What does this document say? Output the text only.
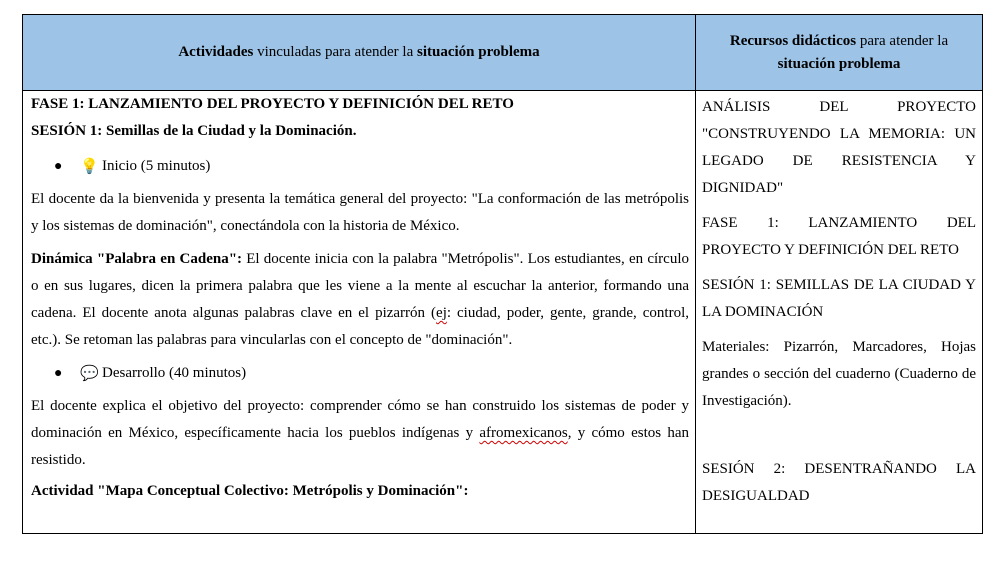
Actividades vinculadas para atender la situación problema
Recursos didácticos para atender la situación problema

FASE 1: LANZAMIENTO DEL PROYECTO Y DEFINICIÓN DEL RETO

SESIÓN 1: Semillas de la Ciudad y la Dominación.

●	💡 Inicio (5 minutos)

El docente da la bienvenida y presenta la temática general del proyecto: "La conformación de las metrópolis y los sistemas de dominación", conectándola con la historia de México.

Dinámica "Palabra en Cadena": El docente inicia con la palabra "Metrópolis". Los estudiantes, en círculo o en sus lugares, dicen la primera palabra que les viene a la mente al escuchar la anterior, formando una cadena. El docente anota algunas palabras clave en el pizarrón (ej: ciudad, poder, gente, grande, control, etc.). Se retoman las palabras para vincularlas con el concepto de "dominación".

●	💬 Desarrollo (40 minutos)

El docente explica el objetivo del proyecto: comprender cómo se han construido los sistemas de poder y dominación en México, específicamente hacia los pueblos indígenas y afromexicanos, y cómo estos han resistido.

Actividad "Mapa Conceptual Colectivo: Metrópolis y Dominación":

ANÁLISIS DEL PROYECTO "CONSTRUYENDO LA MEMORIA: UN LEGADO DE RESISTENCIA Y DIGNIDAD"

FASE 1: LANZAMIENTO DEL PROYECTO Y DEFINICIÓN DEL RETO

SESIÓN 1: SEMILLAS DE LA CIUDAD Y LA DOMINACIÓN

Materiales: Pizarrón, Marcadores, Hojas grandes o sección del cuaderno (Cuaderno de Investigación).

SESIÓN 2: DESENTRAÑANDO LA DESIGUALDAD
